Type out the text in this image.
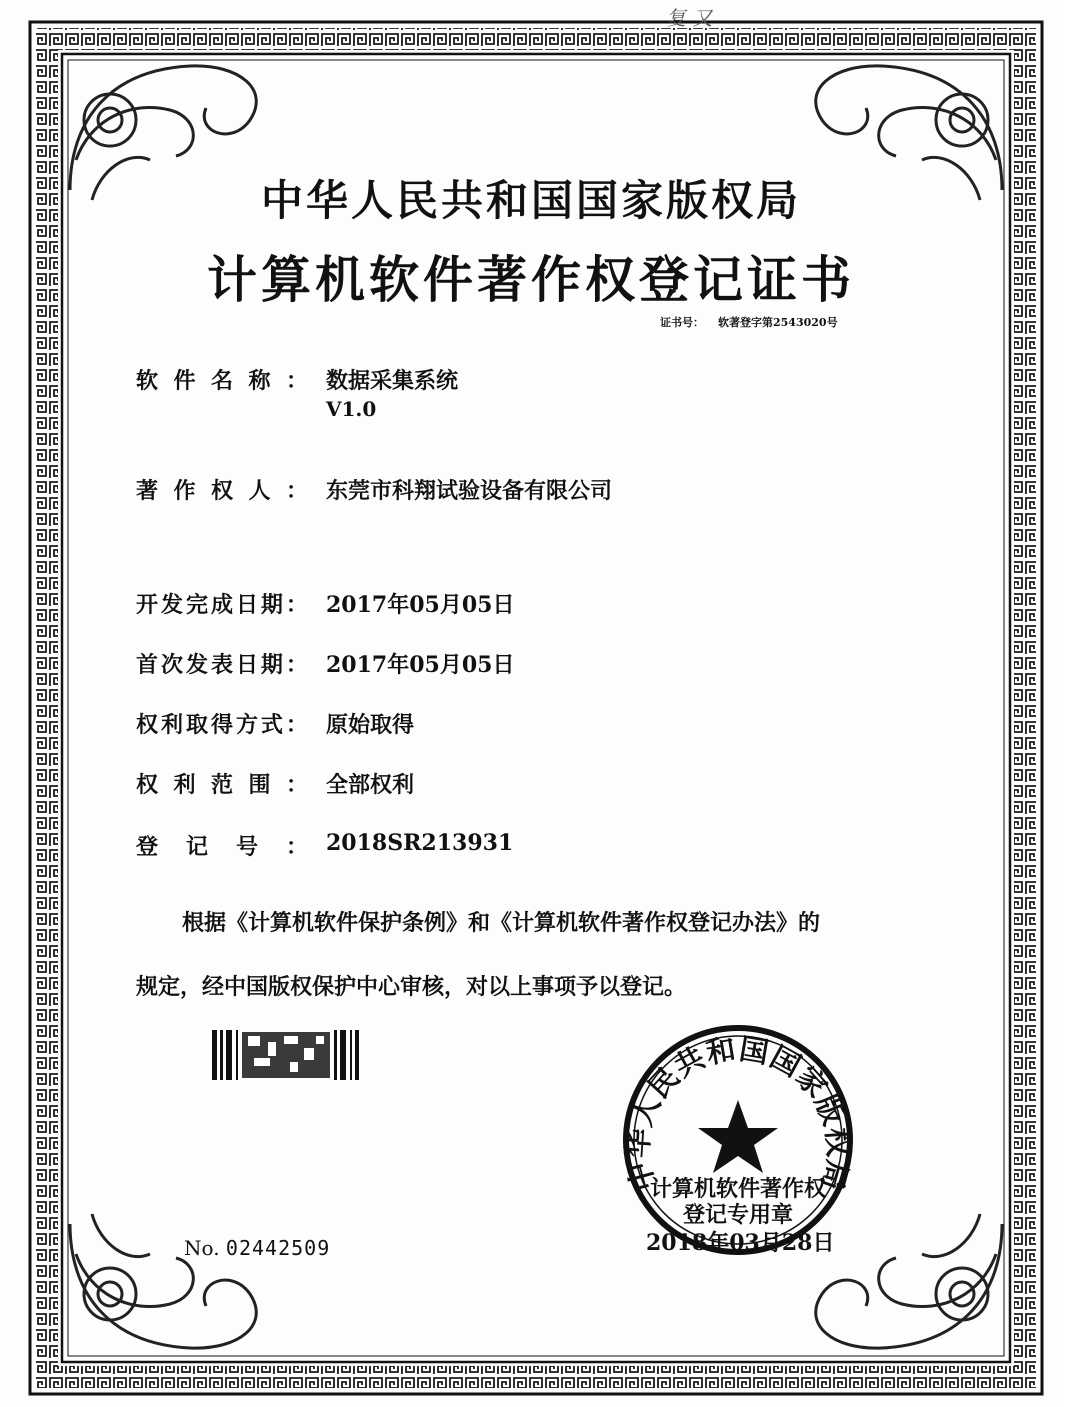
复 又
中华人民共和国国家版权局
计算机软件著作权登记证书
证书号： 软著登字第2543020号
软 件 名 称 ： 数据采集系统
V1.0
著 作 权 人 ： 东莞市科翔试验设备有限公司
开 发 完 成 日 期 ： 2017年05月05日
首 次 发 表 日 期 ： 2017年05月05日
权 利 取 得 方 式 ： 原始取得
权 利 范 围 ： 全部权利
登 记 号 ： 2018SR213931
根据《计算机软件保护条例》和《计算机软件著作权登记办法》的
规定，经中国版权保护中心审核，对以上事项予以登记。
No. 02442509	2018年03月28日
中华人民共和国国家版权局
计算机软件著作权
登记专用章
